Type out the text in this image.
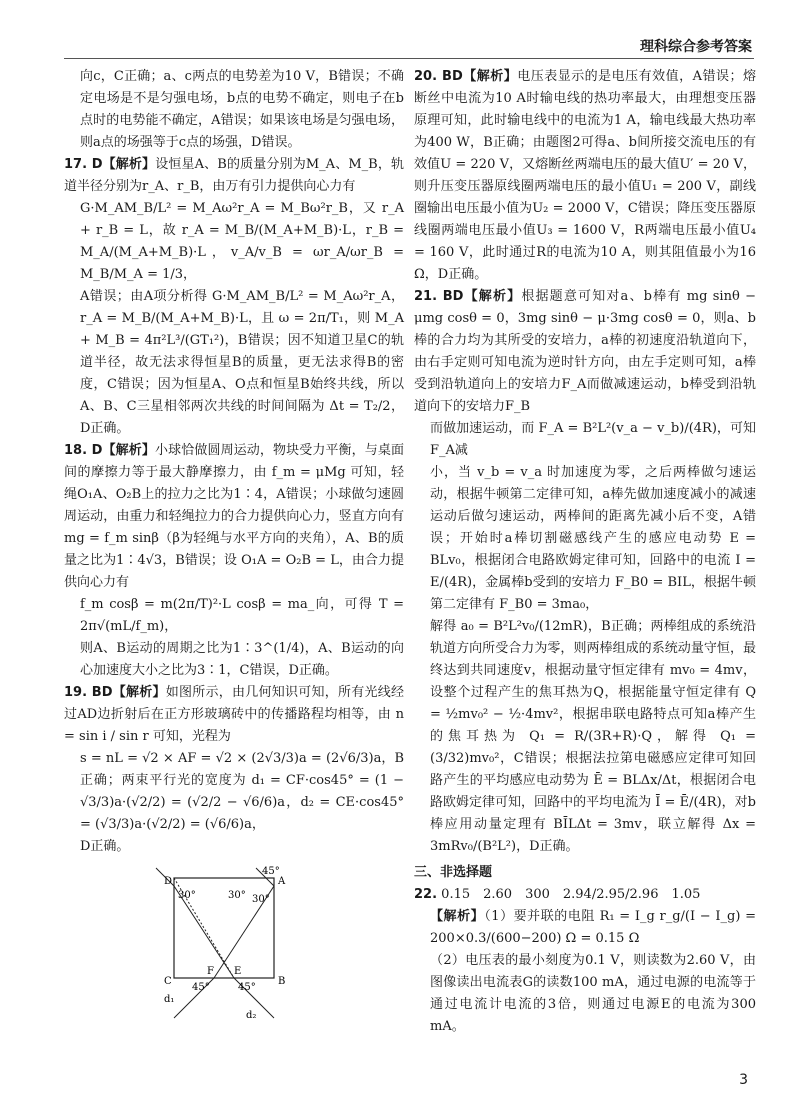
理科综合参考答案

向c，C正确；a、c两点的电势差为10 V，B错误；不确定电场是不是匀强电场，b点的电势不确定，则电子在b点时的电势能不确定，A错误；如果该电场是匀强电场，则a点的场强等于c点的场强，D错误。

17. D【解析】设恒星A、B的质量分别为M_A、M_B，轨道半径分别为r_A、r_B，由万有引力提供向心力有

G·M_AM_B/L² = M_Aω²r_A = M_Bω²r_B，又 r_A + r_B = L，故 r_A = M_B/(M_A+M_B)·L，r_B = M_A/(M_A+M_B)·L，v_A/v_B = ωr_A/ωr_B = M_B/M_A = 1/3，

A错误；由A项分析得 G·M_AM_B/L² = M_Aω²r_A，r_A = M_B/(M_A+M_B)·L，且 ω = 2π/T₁，则 M_A + M_B = 4π²L³/(GT₁²)，B错误；因不知道卫星C的轨道半径，故无法求得恒星B的质量，更无法求得B的密度，C错误；因为恒星A、O点和恒星B始终共线，所以A、B、C三星相邻两次共线的时间间隔为 Δt = T₂/2，D正确。

18. D【解析】小球恰做圆周运动，物块受力平衡，与桌面间的摩擦力等于最大静摩擦力，由 f_m = μMg 可知，轻绳O₁A、O₂B上的拉力之比为1∶4，A错误；小球做匀速圆周运动，由重力和轻绳拉力的合力提供向心力，竖直方向有 mg = f_m sinβ（β为轻绳与水平方向的夹角），A、B的质量之比为1∶4√3，B错误；设 O₁A = O₂B = L，由合力提供向心力有

f_m cosβ = m(2π/T)²·L cosβ = ma_向，可得 T = 2π√(mL/f_m)，

则A、B运动的周期之比为1∶3^(1/4)，A、B运动的向心加速度大小之比为3∶1，C错误，D正确。

19. BD【解析】如图所示，由几何知识可知，所有光线经过AD边折射后在正方形玻璃砖中的传播路程均相等，由 n = sin i / sin r 可知，光程为

s = nL = √2 × AF = √2 × (2√3/3)a = (2√6/3)a，B正确；两束平行光的宽度为 d₁ = CF·cos45° = (1 − √3/3)a·(√2/2) = (√2/2 − √6/6)a，d₂ = CE·cos45° = (√3/3)a·(√2/2) = (√6/6)a，

D正确。

D	A
C
F E
B
45°
30°	30° 30°
45°	45°
d₁
d₂

20. BD【解析】电压表显示的是电压有效值，A错误；熔断丝中电流为10 A时输电线的热功率最大，由理想变压器原理可知，此时输电线中的电流为1 A，输电线最大热功率为400 W，B正确；由题图2可得a、b间所接交流电压的有效值U = 220 V，又熔断丝两端电压的最大值U′ = 20 V，则升压变压器原线圈两端电压的最小值U₁ = 200 V，副线圈输出电压最小值为U₂ = 2000 V，C错误；降压变压器原线圈两端电压最小值U₃ = 1600 V，R两端电压最小值U₄ = 160 V，此时通过R的电流为10 A，则其阻值最小为16 Ω，D正确。

21. BD【解析】根据题意可知对a、b棒有 mg sinθ − μmg cosθ = 0，3mg sinθ − μ·3mg cosθ = 0，则a、b棒的合力均为其所受的安培力，a棒的初速度沿轨道向下，由右手定则可知电流为逆时针方向，由左手定则可知，a棒受到沿轨道向上的安培力F_A而做减速运动，b棒受到沿轨道向下的安培力F_B

而做加速运动，而 F_A = B²L²(v_a − v_b)/(4R)，可知F_A减

小，当 v_b = v_a 时加速度为零，之后两棒做匀速运动，根据牛顿第二定律可知，a棒先做加速度减小的减速运动后做匀速运动，两棒间的距离先减小后不变，A错误；开始时a棒切割磁感线产生的感应电动势 E = BLv₀，根据闭合电路欧姆定律可知，回路中的电流 I = E/(4R)，金属棒b受到的安培力 F_B0 = BIL，根据牛顿第二定律有 F_B0 = 3ma₀，

解得 a₀ = B²L²v₀/(12mR)，B正确；两棒组成的系统沿轨道方向所受合力为零，则两棒组成的系统动量守恒，最终达到共同速度v，根据动量守恒定律有 mv₀ = 4mv，设整个过程产生的焦耳热为Q，根据能量守恒定律有 Q = ½mv₀² − ½·4mv²，根据串联电路特点可知a棒产生的焦耳热为 Q₁ = R/(3R+R)·Q，解得 Q₁ = (3/32)mv₀²，C错误；根据法拉第电磁感应定律可知回路产生的平均感应电动势为 Ē = BLΔx/Δt，根据闭合电路欧姆定律可知，回路中的平均电流为 Ī = Ē/(4R)，对b棒应用动量定理有 BĪLΔt = 3mv，联立解得 Δx = 3mRv₀/(B²L²)，D正确。

三、非选择题

22. 0.15　2.60　300　2.94/2.95/2.96　1.05

【解析】（1）要并联的电阻 R₁ = I_g r_g/(I − I_g) = 200×0.3/(600−200) Ω = 0.15 Ω

（2）电压表的最小刻度为0.1 V，则读数为2.60 V，由图像读出电流表G的读数100 mA，通过电源的电流等于通过电流计电流的3倍，则通过电源E的电流为300 mA。

3
